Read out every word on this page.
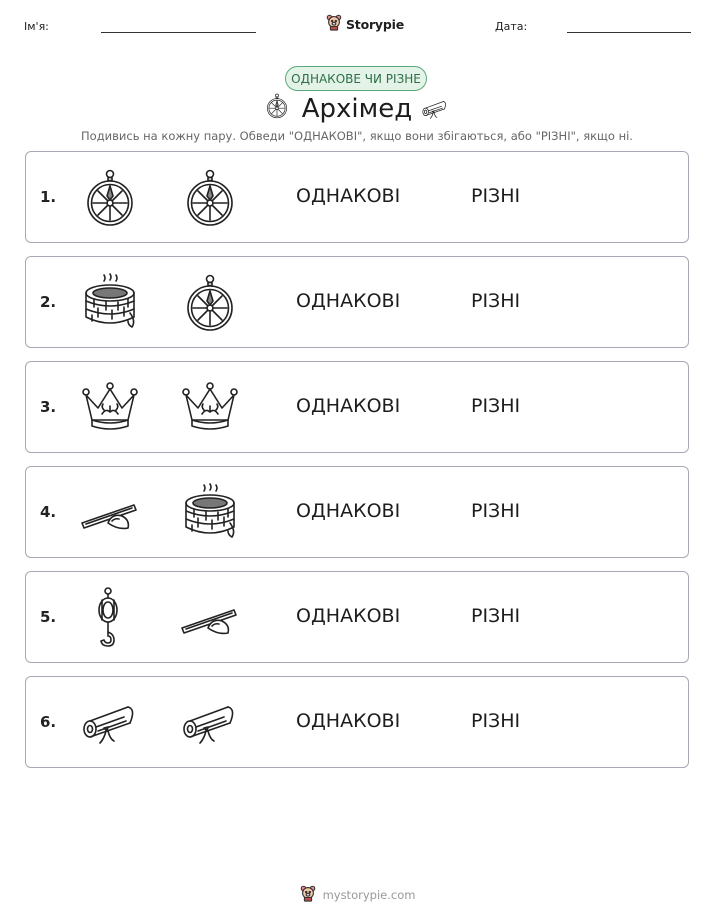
Ім'я:	Storypie	Дата:
ОДНАКОВЕ ЧИ РІЗНЕ
Архімед
Подивись на кожну пару. Обведи "ОДНАКОВІ", якщо вони збігаються, або "РІЗНІ", якщо ні.
1.	ОДНАКОВІ	РІЗНІ
2.	ОДНАКОВІ	РІЗНІ
3.	ОДНАКОВІ	РІЗНІ
4.	ОДНАКОВІ	РІЗНІ
5.	ОДНАКОВІ	РІЗНІ
6.	ОДНАКОВІ	РІЗНІ
mystorypie.com
